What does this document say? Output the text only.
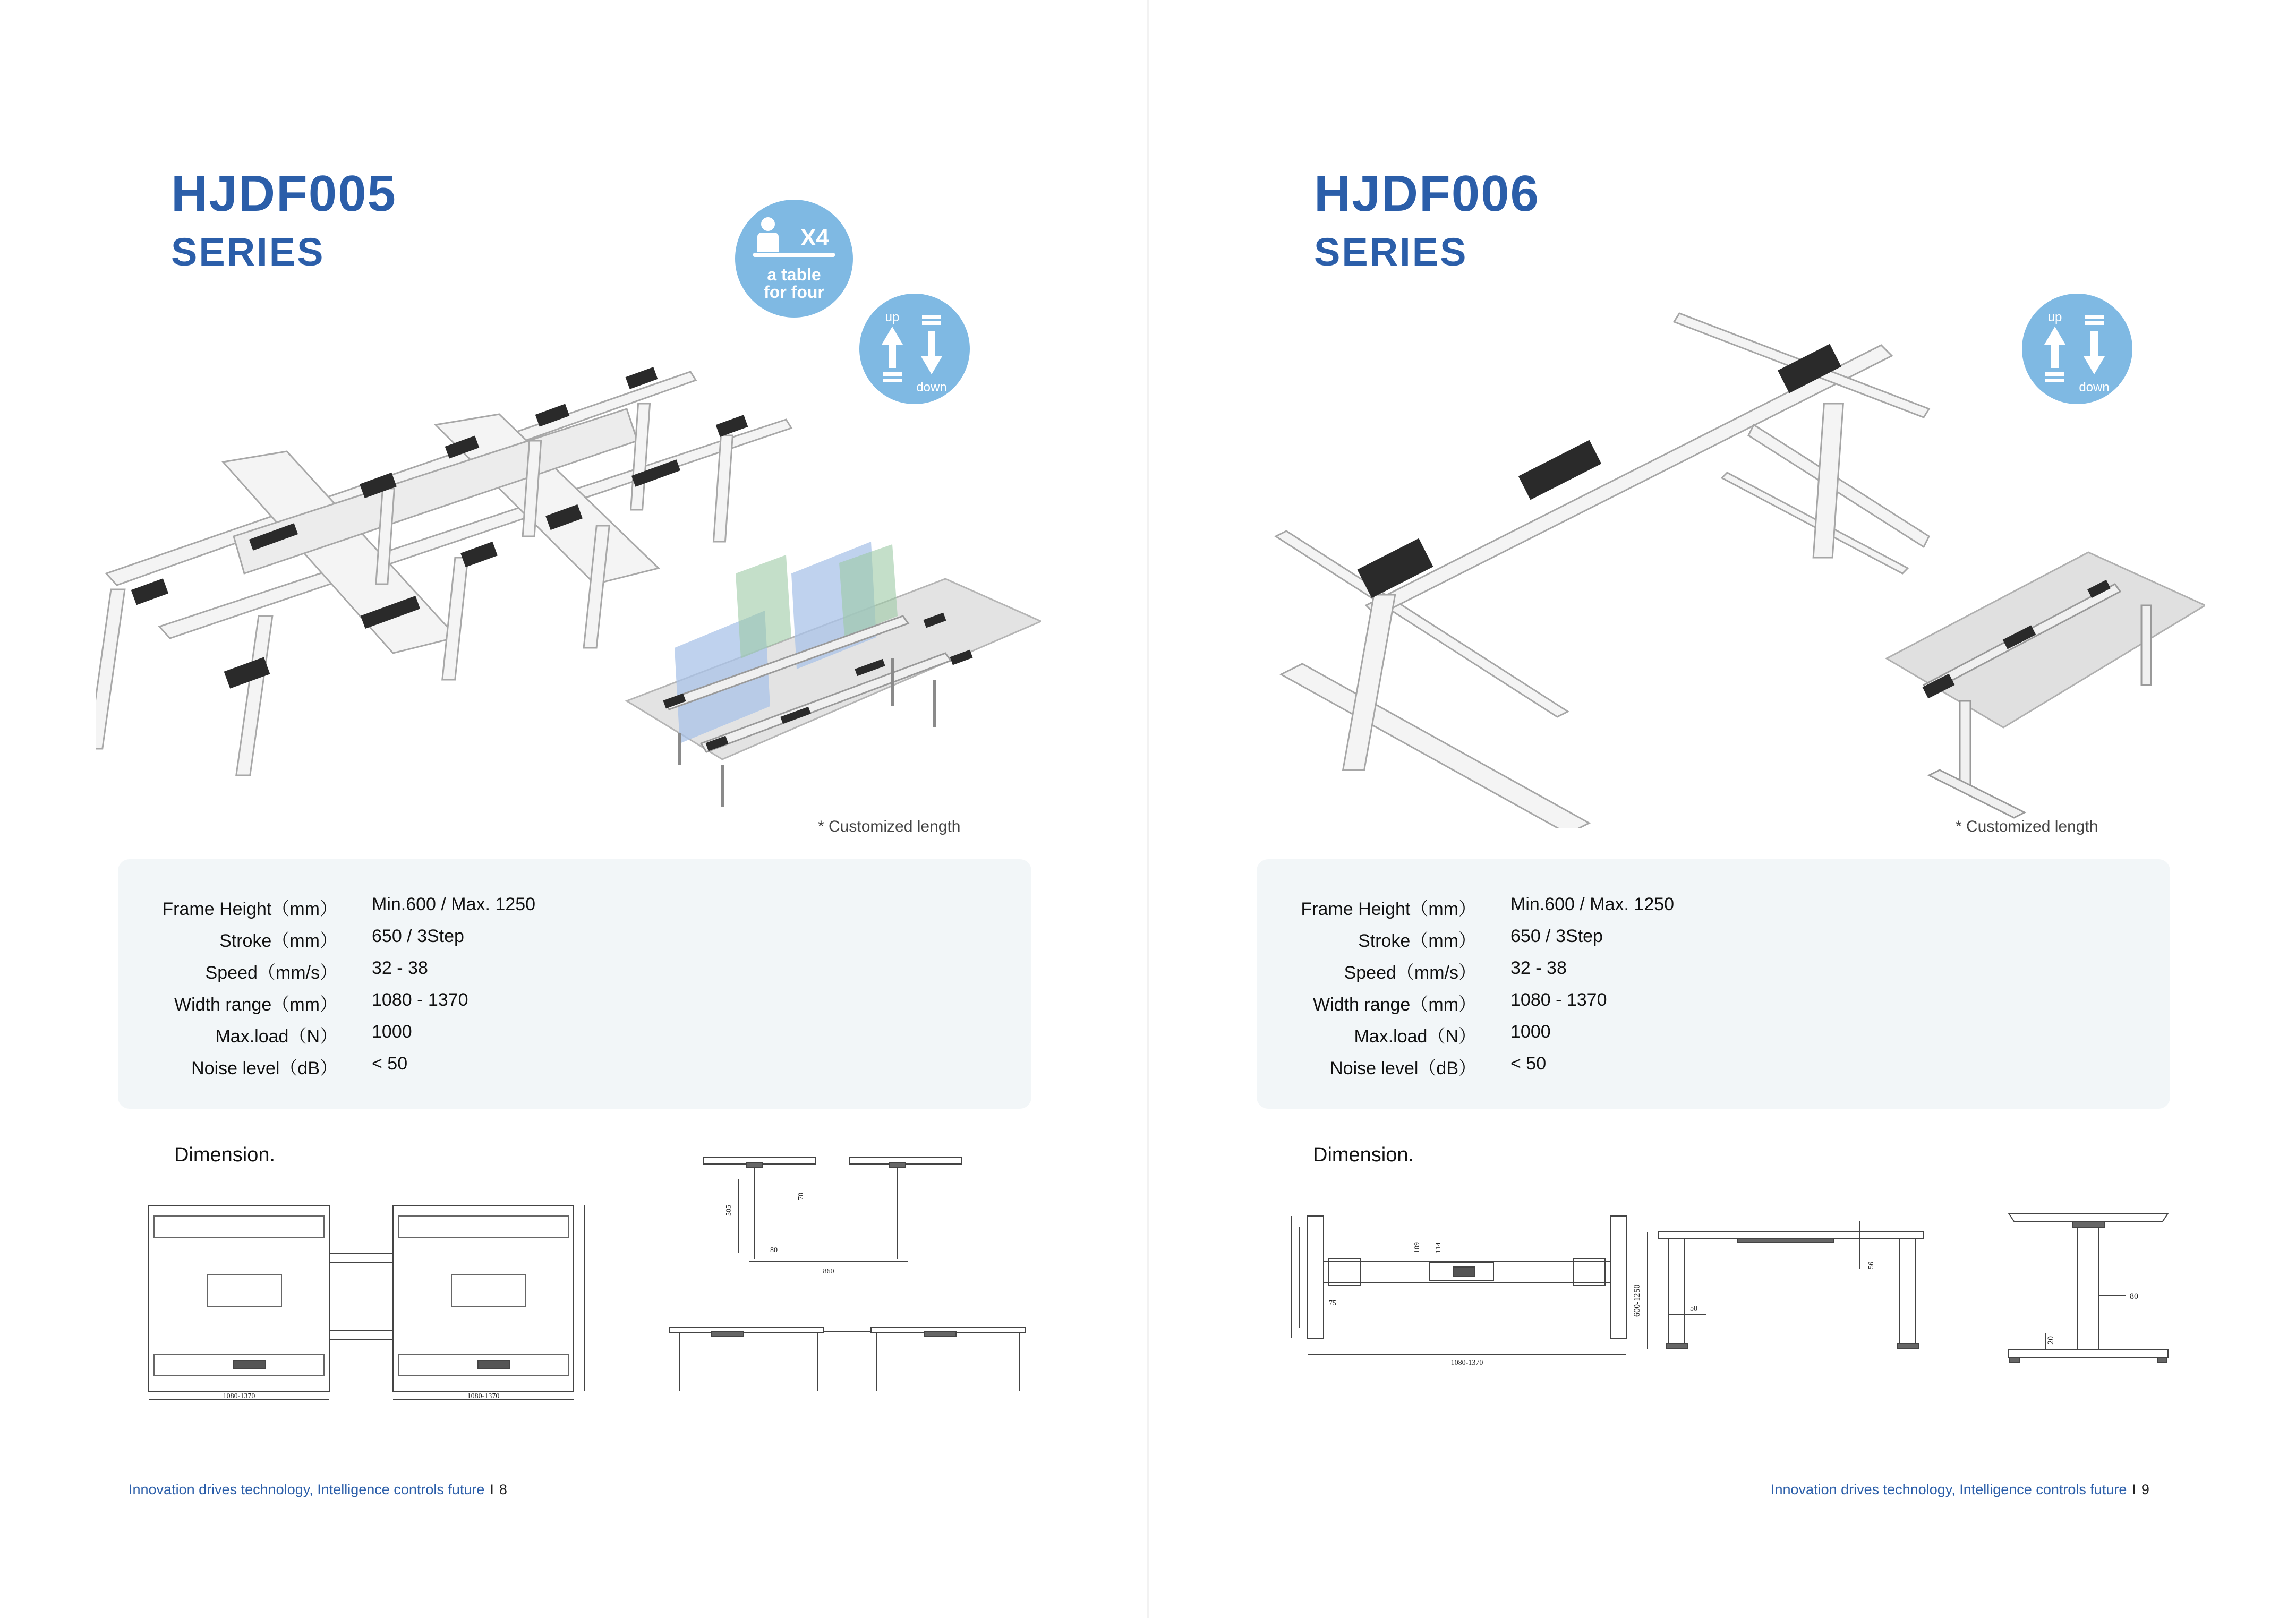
HJDF005
SERIES	X4
a table
for four
up
down
* Customized length
Frame Height（mm） Min.600 / Max. 1250
Stroke（mm） 650 / 3Step
Speed（mm/s） 32 - 38
Width range（mm） 1080 - 1370
Max.load（N） 1000
Noise level（dB） < 50
Dimension.
1080-1370	1080-1370
860
80
505
70
Innovation drives technology, Intelligence controls future I 8
HJDF006
SERIES
up
down
* Customized length
Frame Height（mm） Min.600 / Max. 1250
Stroke（mm） 650 / 3Step
Speed（mm/s） 32 - 38
Width range（mm） 1080 - 1370
Max.load（N） 1000
Noise level（dB） < 50
Dimension.
1080-1370
75
109 114
600-1250	50
56
80
20
Innovation drives technology, Intelligence controls future I 9
